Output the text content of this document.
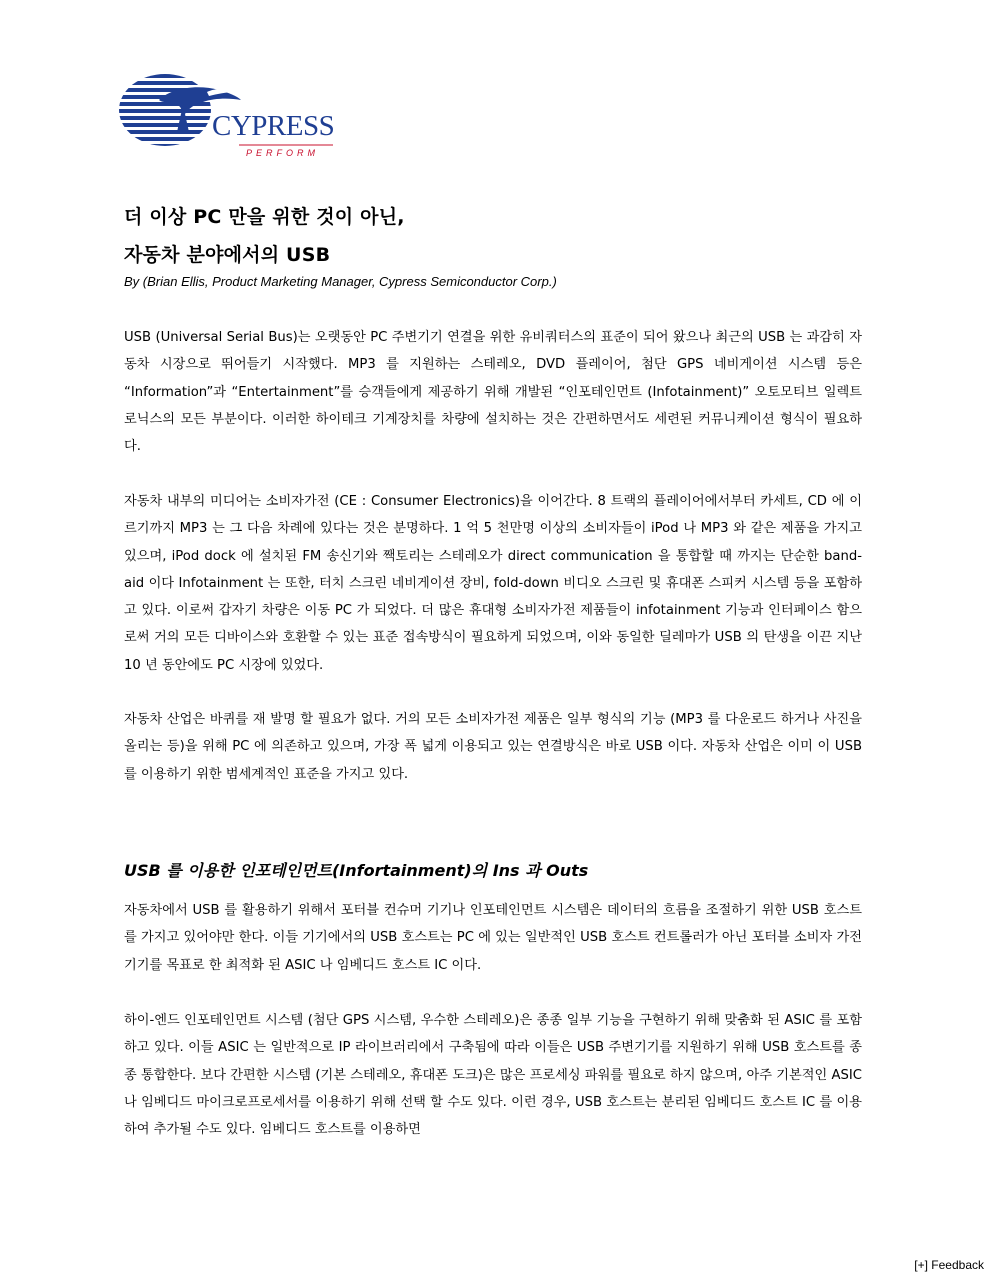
CYPRESS
PERFORM
더 이상 PC 만을 위한 것이 아닌,
자동차 분야에서의 USB
By (Brian Ellis, Product Marketing Manager, Cypress Semiconductor Corp.)

USB (Universal Serial Bus)는 오랫동안 PC 주변기기 연결을 위한 유비쿼터스의 표준이 되어 왔으나 최근의 USB 는 과감히 자동차 시장으로 뛰어들기 시작했다. MP3 를 지원하는 스테레오, DVD 플레이어, 첨단 GPS 네비게이션 시스템 등은 “Information”과 “Entertainment”를 승객들에게 제공하기 위해 개발된 “인포테인먼트 (Infotainment)” 오토모티브 일렉트로닉스의 모든 부분이다. 이러한 하이테크 기계장치를 차량에 설치하는 것은 간편하면서도 세련된 커뮤니케이션 형식이 필요하다.

자동차 내부의 미디어는 소비자가전 (CE : Consumer Electronics)을 이어간다. 8 트랙의 플레이어에서부터 카세트, CD 에 이르기까지 MP3 는 그 다음 차례에 있다는 것은 분명하다. 1 억 5 천만명 이상의 소비자들이 iPod 나 MP3 와 같은 제품을 가지고 있으며, iPod dock 에 설치된 FM 송신기와 짹토리는 스테레오가 direct communication 을 통합할 때 까지는 단순한 band-aid 이다 Infotainment 는 또한, 터치 스크린 네비게이션 장비, fold-down 비디오 스크린 및 휴대폰 스피커 시스템 등을 포함하고 있다. 이로써 갑자기 차량은 이동 PC 가 되었다. 더 많은 휴대형 소비자가전 제품들이 infotainment 기능과 인터페이스 함으로써 거의 모든 디바이스와 호환할 수 있는 표준 접속방식이 필요하게 되었으며, 이와 동일한 딜레마가 USB 의 탄생을 이끈 지난 10 년 동안에도 PC 시장에 있었다.

자동차 산업은 바퀴를 재 발명 할 필요가 없다. 거의 모든 소비자가전 제품은 일부 형식의 기능 (MP3 를 다운로드 하거나 사진을 올리는 등)을 위해 PC 에 의존하고 있으며, 가장 폭 넓게 이용되고 있는 연결방식은 바로 USB 이다. 자동차 산업은 이미 이 USB 를 이용하기 위한 범세계적인 표준을 가지고 있다.

USB 를 이용한 인포테인먼트(Infortainment)의 Ins 과 Outs

자동차에서 USB 를 활용하기 위해서 포터블 컨슈머 기기나 인포테인먼트 시스템은 데이터의 흐름을 조절하기 위한 USB 호스트를 가지고 있어야만 한다. 이들 기기에서의 USB 호스트는 PC 에 있는 일반적인 USB 호스트 컨트롤러가 아닌 포터블 소비자 가전기기를 목표로 한 최적화 된 ASIC 나 임베디드 호스트 IC 이다.

하이-엔드 인포테인먼트 시스템 (첨단 GPS 시스템, 우수한 스테레오)은 종종 일부 기능을 구현하기 위해 맞춤화 된 ASIC 를 포함하고 있다. 이들 ASIC 는 일반적으로 IP 라이브러리에서 구축됨에 따라 이들은 USB 주변기기를 지원하기 위해 USB 호스트를 종종 통합한다. 보다 간편한 시스템 (기본 스테레오, 휴대폰 도크)은 많은 프로세싱 파워를 필요로 하지 않으며, 아주 기본적인 ASIC 나 임베디드 마이크로프로세서를 이용하기 위해 선택 할 수도 있다. 이런 경우, USB 호스트는 분리된 임베디드 호스트 IC 를 이용하여 추가될 수도 있다. 임베디드 호스트를 이용하면

[+] Feedback
